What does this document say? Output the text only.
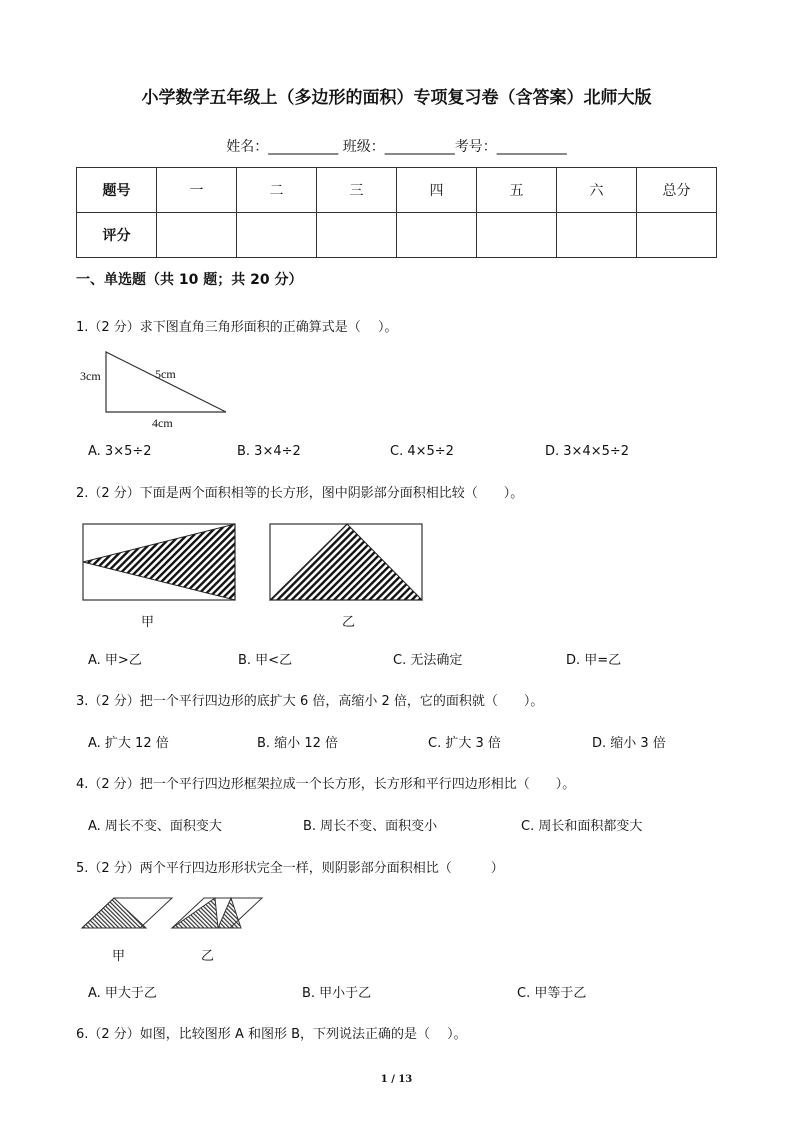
小学数学五年级上（多边形的面积）专项复习卷（含答案）北师大版
姓名：__________ 班级：__________考号：__________
题号	一	二	三	四	五	六	总分
评分							
一、单选题（共 10 题；共 20 分）
1.（2 分）求下图直角三角形面积的正确算式是（　 ）。
3cm	5cm
4cm
A. 3×5÷2	B. 3×4÷2	C. 4×5÷2	D. 3×4×5÷2
2.（2 分）下面是两个面积相等的长方形，图中阴影部分面积相比较（　　）。
甲	乙
A. 甲>乙	B. 甲<乙	C. 无法确定	D. 甲=乙
3.（2 分）把一个平行四边形的底扩大 6 倍，高缩小 2 倍，它的面积就（　　）。
A. 扩大 12 倍	B. 缩小 12 倍	C. 扩大 3 倍	D. 缩小 3 倍
4.（2 分）把一个平行四边形框架拉成一个长方形，长方形和平行四边形相比（　　）。
A. 周长不变、面积变大	B. 周长不变、面积变小	C. 周长和面积都变大
5.（2 分）两个平行四边形形状完全一样，则阴影部分面积相比（　　　）
甲	乙
A. 甲大于乙	B. 甲小于乙	C. 甲等于乙
6.（2 分）如图，比较图形 A 和图形 B，下列说法正确的是（　 ）。
1 / 13
